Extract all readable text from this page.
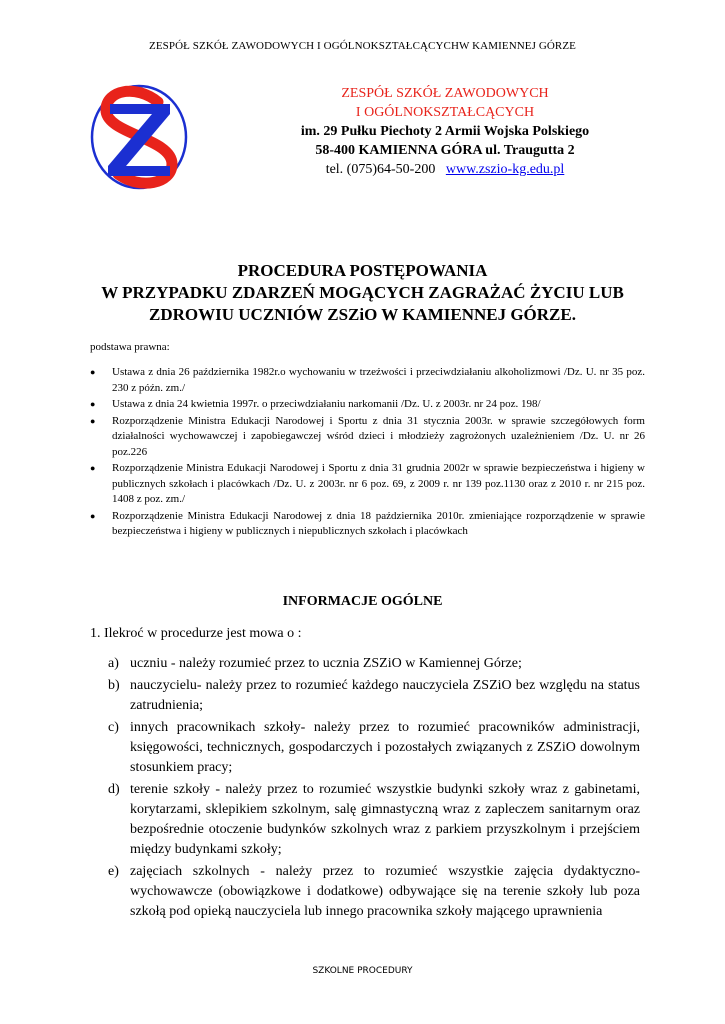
ZESPÓŁ SZKÓŁ ZAWODOWYCH I OGÓLNOKSZTAŁCĄCYCHW KAMIENNEJ GÓRZE
ZESPÓŁ SZKÓŁ ZAWODOWYCH
I OGÓLNOKSZTAŁCĄCYCH
im. 29 Pułku Piechoty 2 Armii Wojska Polskiego
58-400 KAMIENNA GÓRA ul. Traugutta 2
tel. (075)64-50-200 www.zszio-kg.edu.pl
PROCEDURA POSTĘPOWANIA
W PRZYPADKU ZDARZEŃ MOGĄCYCH ZAGRAŻAĆ ŻYCIU LUB
ZDROWIU UCZNIÓW ZSZiO W KAMIENNEJ GÓRZE.
podstawa prawna:
● Ustawa z dnia 26 października 1982r.o wychowaniu w trzeźwości i przeciwdziałaniu alkoholizmowi /Dz. U. nr 35 poz. 230 z późn. zm./
● Ustawa z dnia 24 kwietnia 1997r. o przeciwdziałaniu narkomanii /Dz. U. z 2003r. nr 24 poz. 198/
● Rozporządzenie Ministra Edukacji Narodowej i Sportu z dnia 31 stycznia 2003r. w sprawie szczegółowych form działalności wychowawczej i zapobiegawczej wśród dzieci i młodzieży zagrożonych uzależnieniem /Dz. U. nr 26 poz.226
● Rozporządzenie Ministra Edukacji Narodowej i Sportu z dnia 31 grudnia 2002r w sprawie bezpieczeństwa i higieny w publicznych szkołach i placówkach /Dz. U. z 2003r. nr 6 poz. 69, z 2009 r. nr 139 poz.1130 oraz z 2010 r. nr 215 poz. 1408 z poz. zm./
● Rozporządzenie Ministra Edukacji Narodowej z dnia 18 października 2010r. zmieniające rozporządzenie w sprawie bezpieczeństwa i higieny w publicznych i niepublicznych szkołach i placówkach
INFORMACJE OGÓLNE
1. Ilekroć w procedurze jest mowa o :
a) uczniu - należy rozumieć przez to ucznia ZSZiO w Kamiennej Górze;
b) nauczycielu- należy przez to rozumieć każdego nauczyciela ZSZiO bez względu na status zatrudnienia;
c) innych pracownikach szkoły- należy przez to rozumieć pracowników administracji, księgowości, technicznych, gospodarczych i pozostałych związanych z ZSZiO dowolnym stosunkiem pracy;
d) terenie szkoły - należy przez to rozumieć wszystkie budynki szkoły wraz z gabinetami, korytarzami, sklepikiem szkolnym, salę gimnastyczną wraz z zapleczem sanitarnym oraz bezpośrednie otoczenie budynków szkolnych wraz z parkiem przyszkolnym i przejściem między budynkami szkoły;
e) zajęciach szkolnych - należy przez to rozumieć wszystkie zajęcia dydaktyczno-wychowawcze (obowiązkowe i dodatkowe) odbywające się na terenie szkoły lub poza szkołą pod opieką nauczyciela lub innego pracownika szkoły mającego uprawnienia
SZKOLNE PROCEDURY
